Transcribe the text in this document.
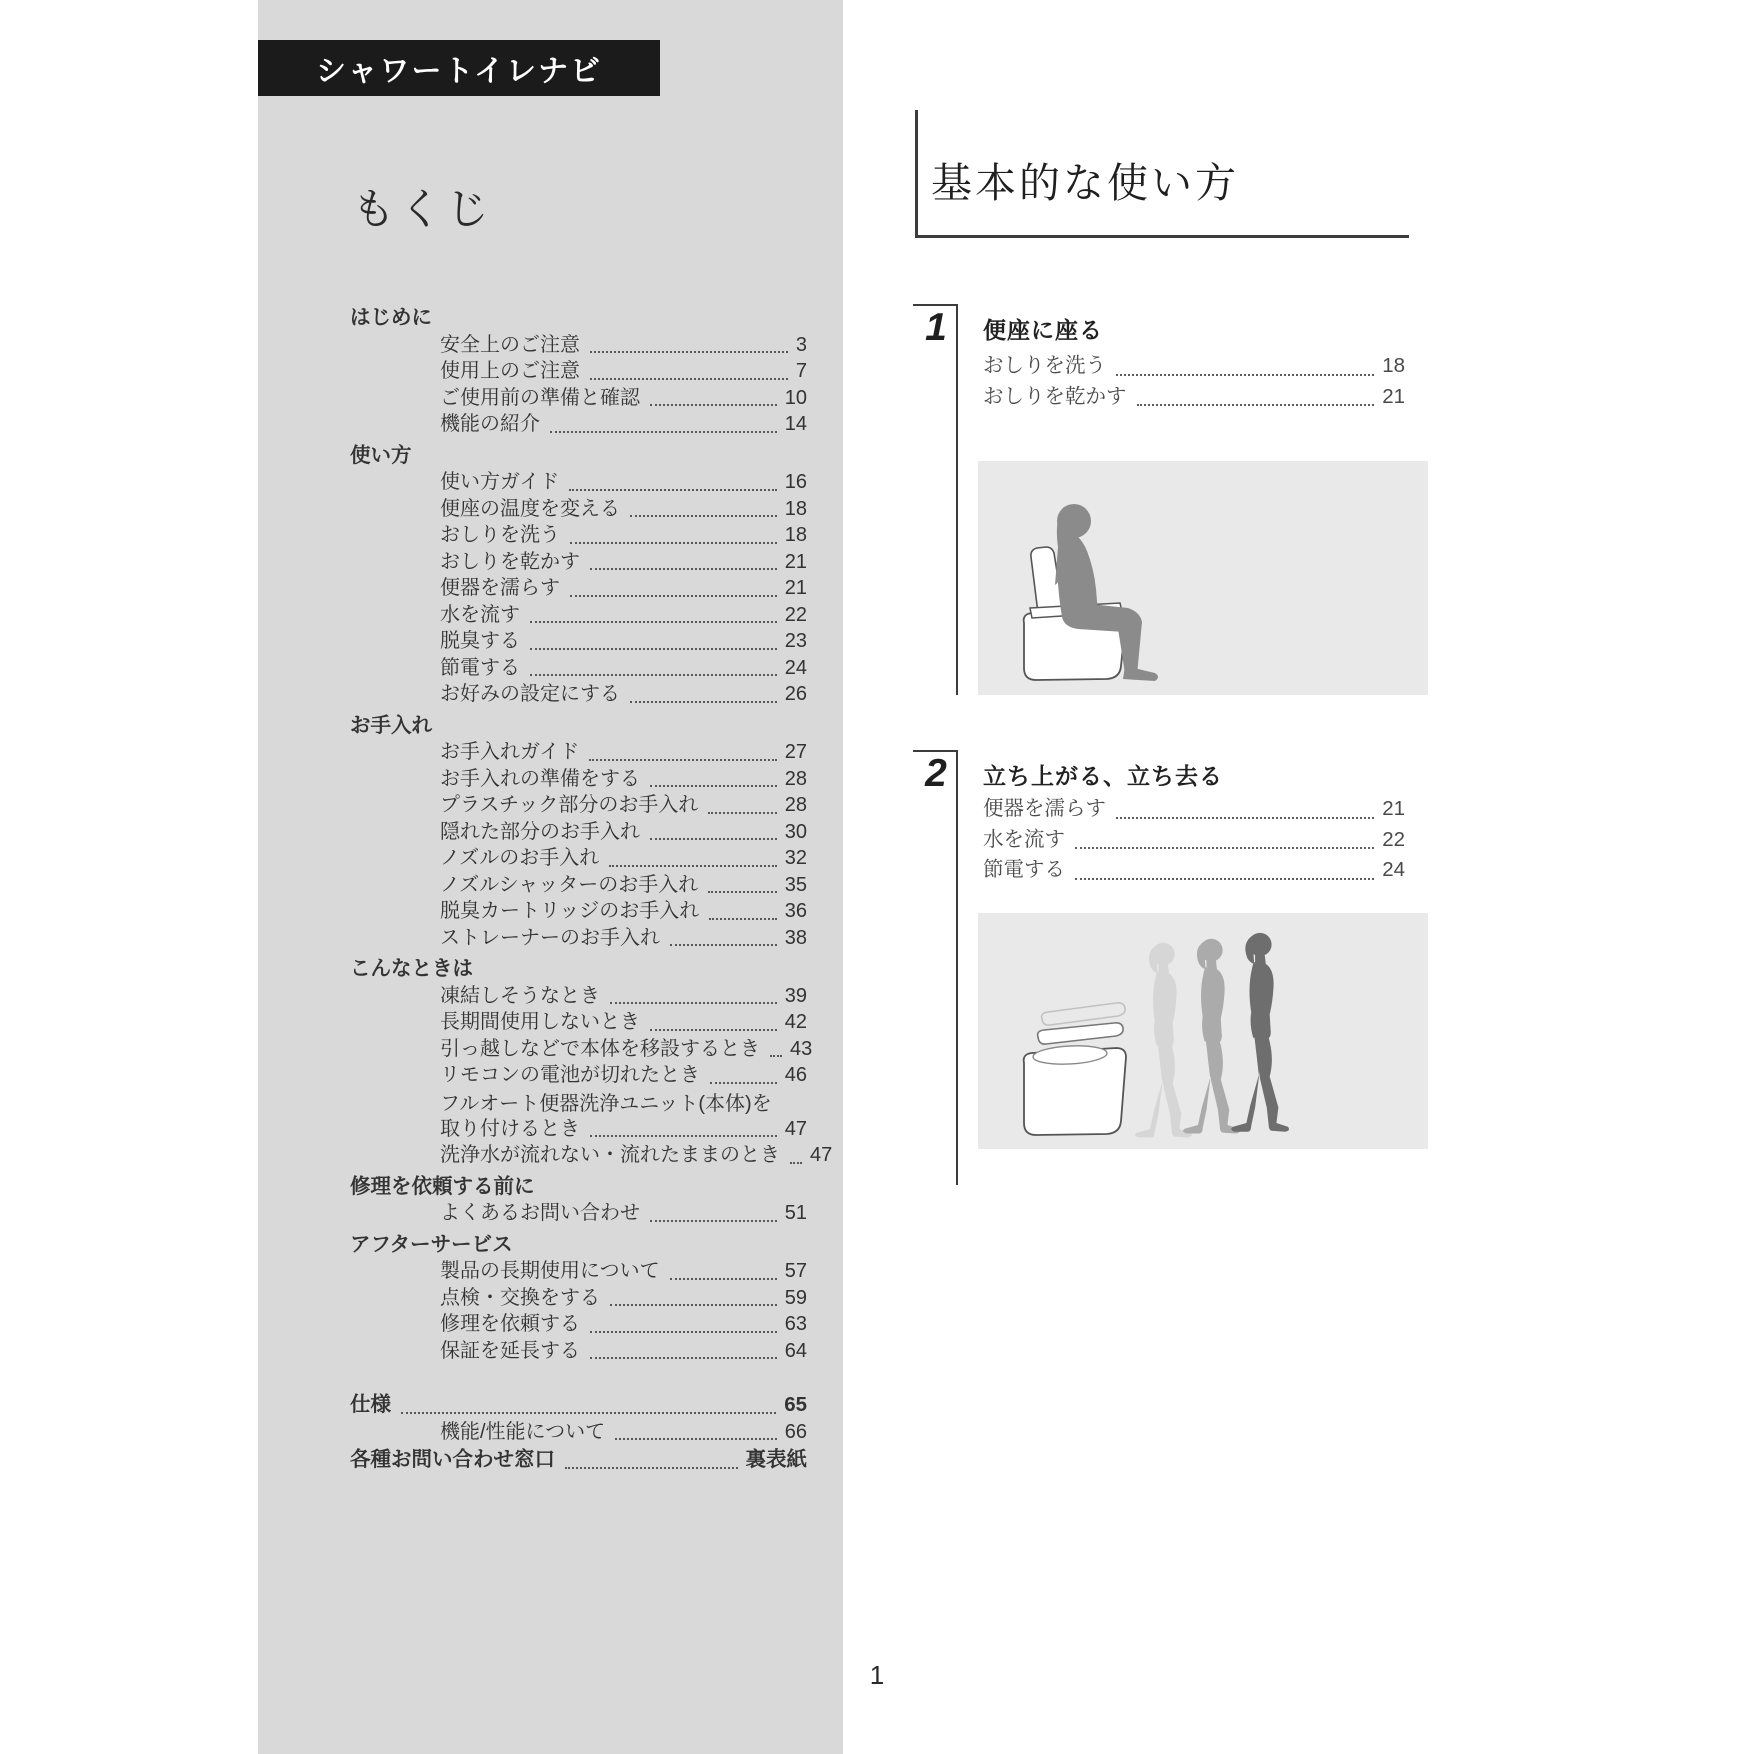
シャワートイレナビ
もくじ
はじめに
安全上のご注意	3
使用上のご注意	7
ご使用前の準備と確認	10
機能の紹介	14
使い方
使い方ガイド	16
便座の温度を変える	18
おしりを洗う	18
おしりを乾かす	21
便器を濡らす	21
水を流す	22
脱臭する	23
節電する	24
お好みの設定にする	26
お手入れ
お手入れガイド	27
お手入れの準備をする	28
プラスチック部分のお手入れ	28
隠れた部分のお手入れ	30
ノズルのお手入れ	32
ノズルシャッターのお手入れ	35
脱臭カートリッジのお手入れ	36
ストレーナーのお手入れ	38
こんなときは
凍結しそうなとき	39
長期間使用しないとき	42
引っ越しなどで本体を移設するとき 43
リモコンの電池が切れたとき	46
フルオート便器洗浄ユニット(本体)を
取り付けるとき	47
洗浄水が流れない・流れたままのとき 47
修理を依頼する前に
よくあるお問い合わせ	51
アフターサービス
製品の長期使用について	57
点検・交換をする	59
修理を依頼する	63
保証を延長する	64
仕様	65
機能/性能について	66
各種お問い合わせ窓口	裏表紙
基本的な使い方
1	便座に座る
おしりを洗う	18
おしりを乾かす	21
2	立ち上がる、立ち去る
便器を濡らす	21
水を流す	22
節電する	24
1
